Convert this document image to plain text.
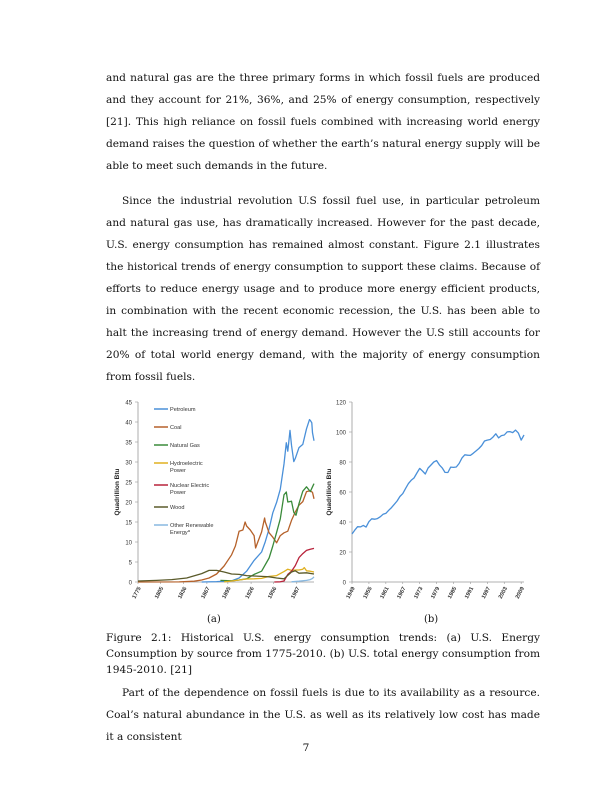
and natural gas are the three primary forms in which fossil fuels are produced and they account for 21%, 36%, and 25% of energy consumption, respectively [21]. This high reliance on fossil fuels combined with increasing world energy demand raises the question of whether the earth’s natural energy supply will be able to meet such demands in the future.

Since the industrial revolution U.S fossil fuel use, in particular petroleum and natural gas use, has dramatically increased. However for the past decade, U.S. energy consumption has remained almost constant. Figure 2.1 illustrates the historical trends of energy consumption to support these claims. Because of efforts to reduce energy usage and to produce more energy efficient products, in combination with the recent economic recession, the U.S. has been able to halt the increasing trend of energy demand. However the U.S still accounts for 20% of total world energy demand, with the majority of energy consumption from fossil fuels.

0
5
10
15
20
25
30
35
40
45
1775 1805 1836 1867 1895 1926 1956 1987
Quadrillion Btu
Petroleum
Coal
Natural Gas
Hydroelectric
Power
Nuclear Electric
Power
Wood
Other Renewable
Energy$^a$
(a)
0
20
40
60
80
100
120
1949 1955 1961 1967 1973 1979 1985 1991 1997 2003 2009
Quadrillion Btu
(b)

Figure 2.1: Historical U.S. energy consumption trends: (a) U.S. Energy Consumption by source from 1775-2010. (b) U.S. total energy consumption from 1945-2010. [21]

Part of the dependence on fossil fuels is due to its availability as a resource. Coal’s natural abundance in the U.S. as well as its relatively low cost has made it a consistent

7
